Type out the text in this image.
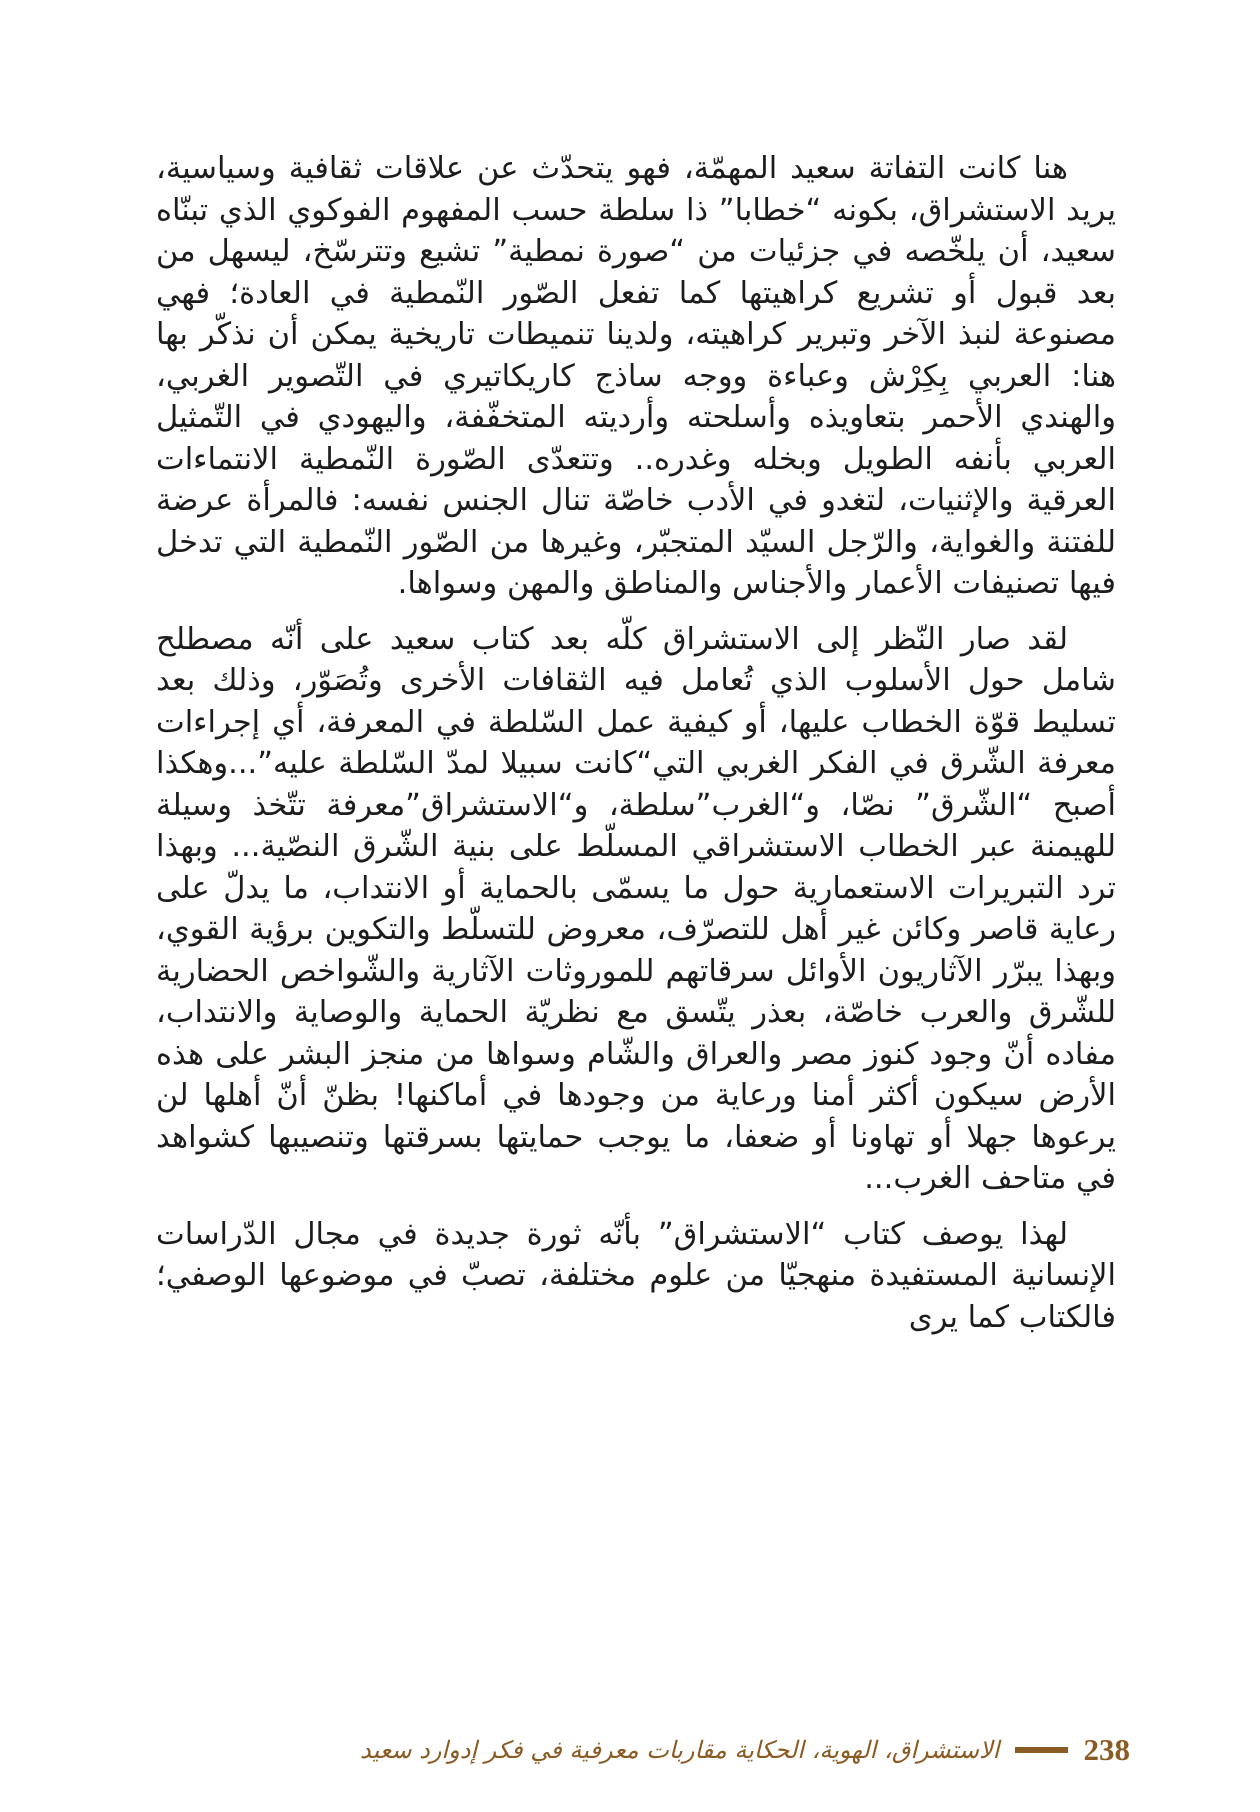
هنا كانت التفاتة سعيد المهمّة، فهو يتحدّث عن علاقات ثقافية وسياسية، يريد الاستشراق، بكونه “خطابا” ذا سلطة حسب المفهوم الفوكوي الذي تبنّاه سعيد، أن يلخّصه في جزئيات من “صورة نمطية” تشيع وتترسّخ، ليسهل من بعد قبول أو تشريع كراهيتها كما تفعل الصّور النّمطية في العادة؛ فهي مصنوعة لنبذ الآخر وتبرير كراهيته، ولدينا تنميطات تاريخية يمكن أن نذكّر بها هنا: العربي بِكِرْش وعباءة ووجه ساذج كاريكاتيري في التّصوير الغربي، والهندي الأحمر بتعاويذه وأسلحته وأرديته المتخفّفة، واليهودي في التّمثيل العربي بأنفه الطويل وبخله وغدره.. وتتعدّى الصّورة النّمطية الانتماءات العرقية والإثنيات، لتغدو في الأدب خاصّة تنال الجنس نفسه: فالمرأة عرضة للفتنة والغواية، والرّجل السيّد المتجبّر، وغيرها من الصّور النّمطية التي تدخل فيها تصنيفات الأعمار والأجناس والمناطق والمهن وسواها.

لقد صار النّظر إلى الاستشراق كلّه بعد كتاب سعيد على أنّه مصطلح شامل حول الأسلوب الذي تُعامل فيه الثقافات الأخرى وتُصَوّر، وذلك بعد تسليط قوّة الخطاب عليها، أو كيفية عمل السّلطة في المعرفة، أي إجراءات معرفة الشّرق في الفكر الغربي التي“كانت سبيلا لمدّ السّلطة عليه”...وهكذا أصبح “الشّرق” نصّا، و“الغرب”سلطة، و“الاستشراق”معرفة تتّخذ وسيلة للهيمنة عبر الخطاب الاستشراقي المسلّط على بنية الشّرق النصّية... وبهذا ترد التبريرات الاستعمارية حول ما يسمّى بالحماية أو الانتداب، ما يدلّ على رعاية قاصر وكائن غير أهل للتصرّف، معروض للتسلّط والتكوين برؤية القوي، وبهذا يبرّر الآثاريون الأوائل سرقاتهم للموروثات الآثارية والشّواخص الحضارية للشّرق والعرب خاصّة، بعذر يتّسق مع نظريّة الحماية والوصاية والانتداب، مفاده أنّ وجود كنوز مصر والعراق والشّام وسواها من منجز البشر على هذه الأرض سيكون أكثر أمنا ورعاية من وجودها في أماكنها! بظنّ أنّ أهلها لن يرعوها جهلا أو تهاونا أو ضعفا، ما يوجب حمايتها بسرقتها وتنصيبها كشواهد في متاحف الغرب...

لهذا يوصف كتاب “الاستشراق” بأنّه ثورة جديدة في مجال الدّراسات الإنسانية المستفيدة منهجيّا من علوم مختلفة، تصبّ في موضوعها الوصفي؛ فالكتاب كما يرى

الاستشراق، الهوية، الحكاية مقاربات معرفية في فكر إدوارد سعيد	238
